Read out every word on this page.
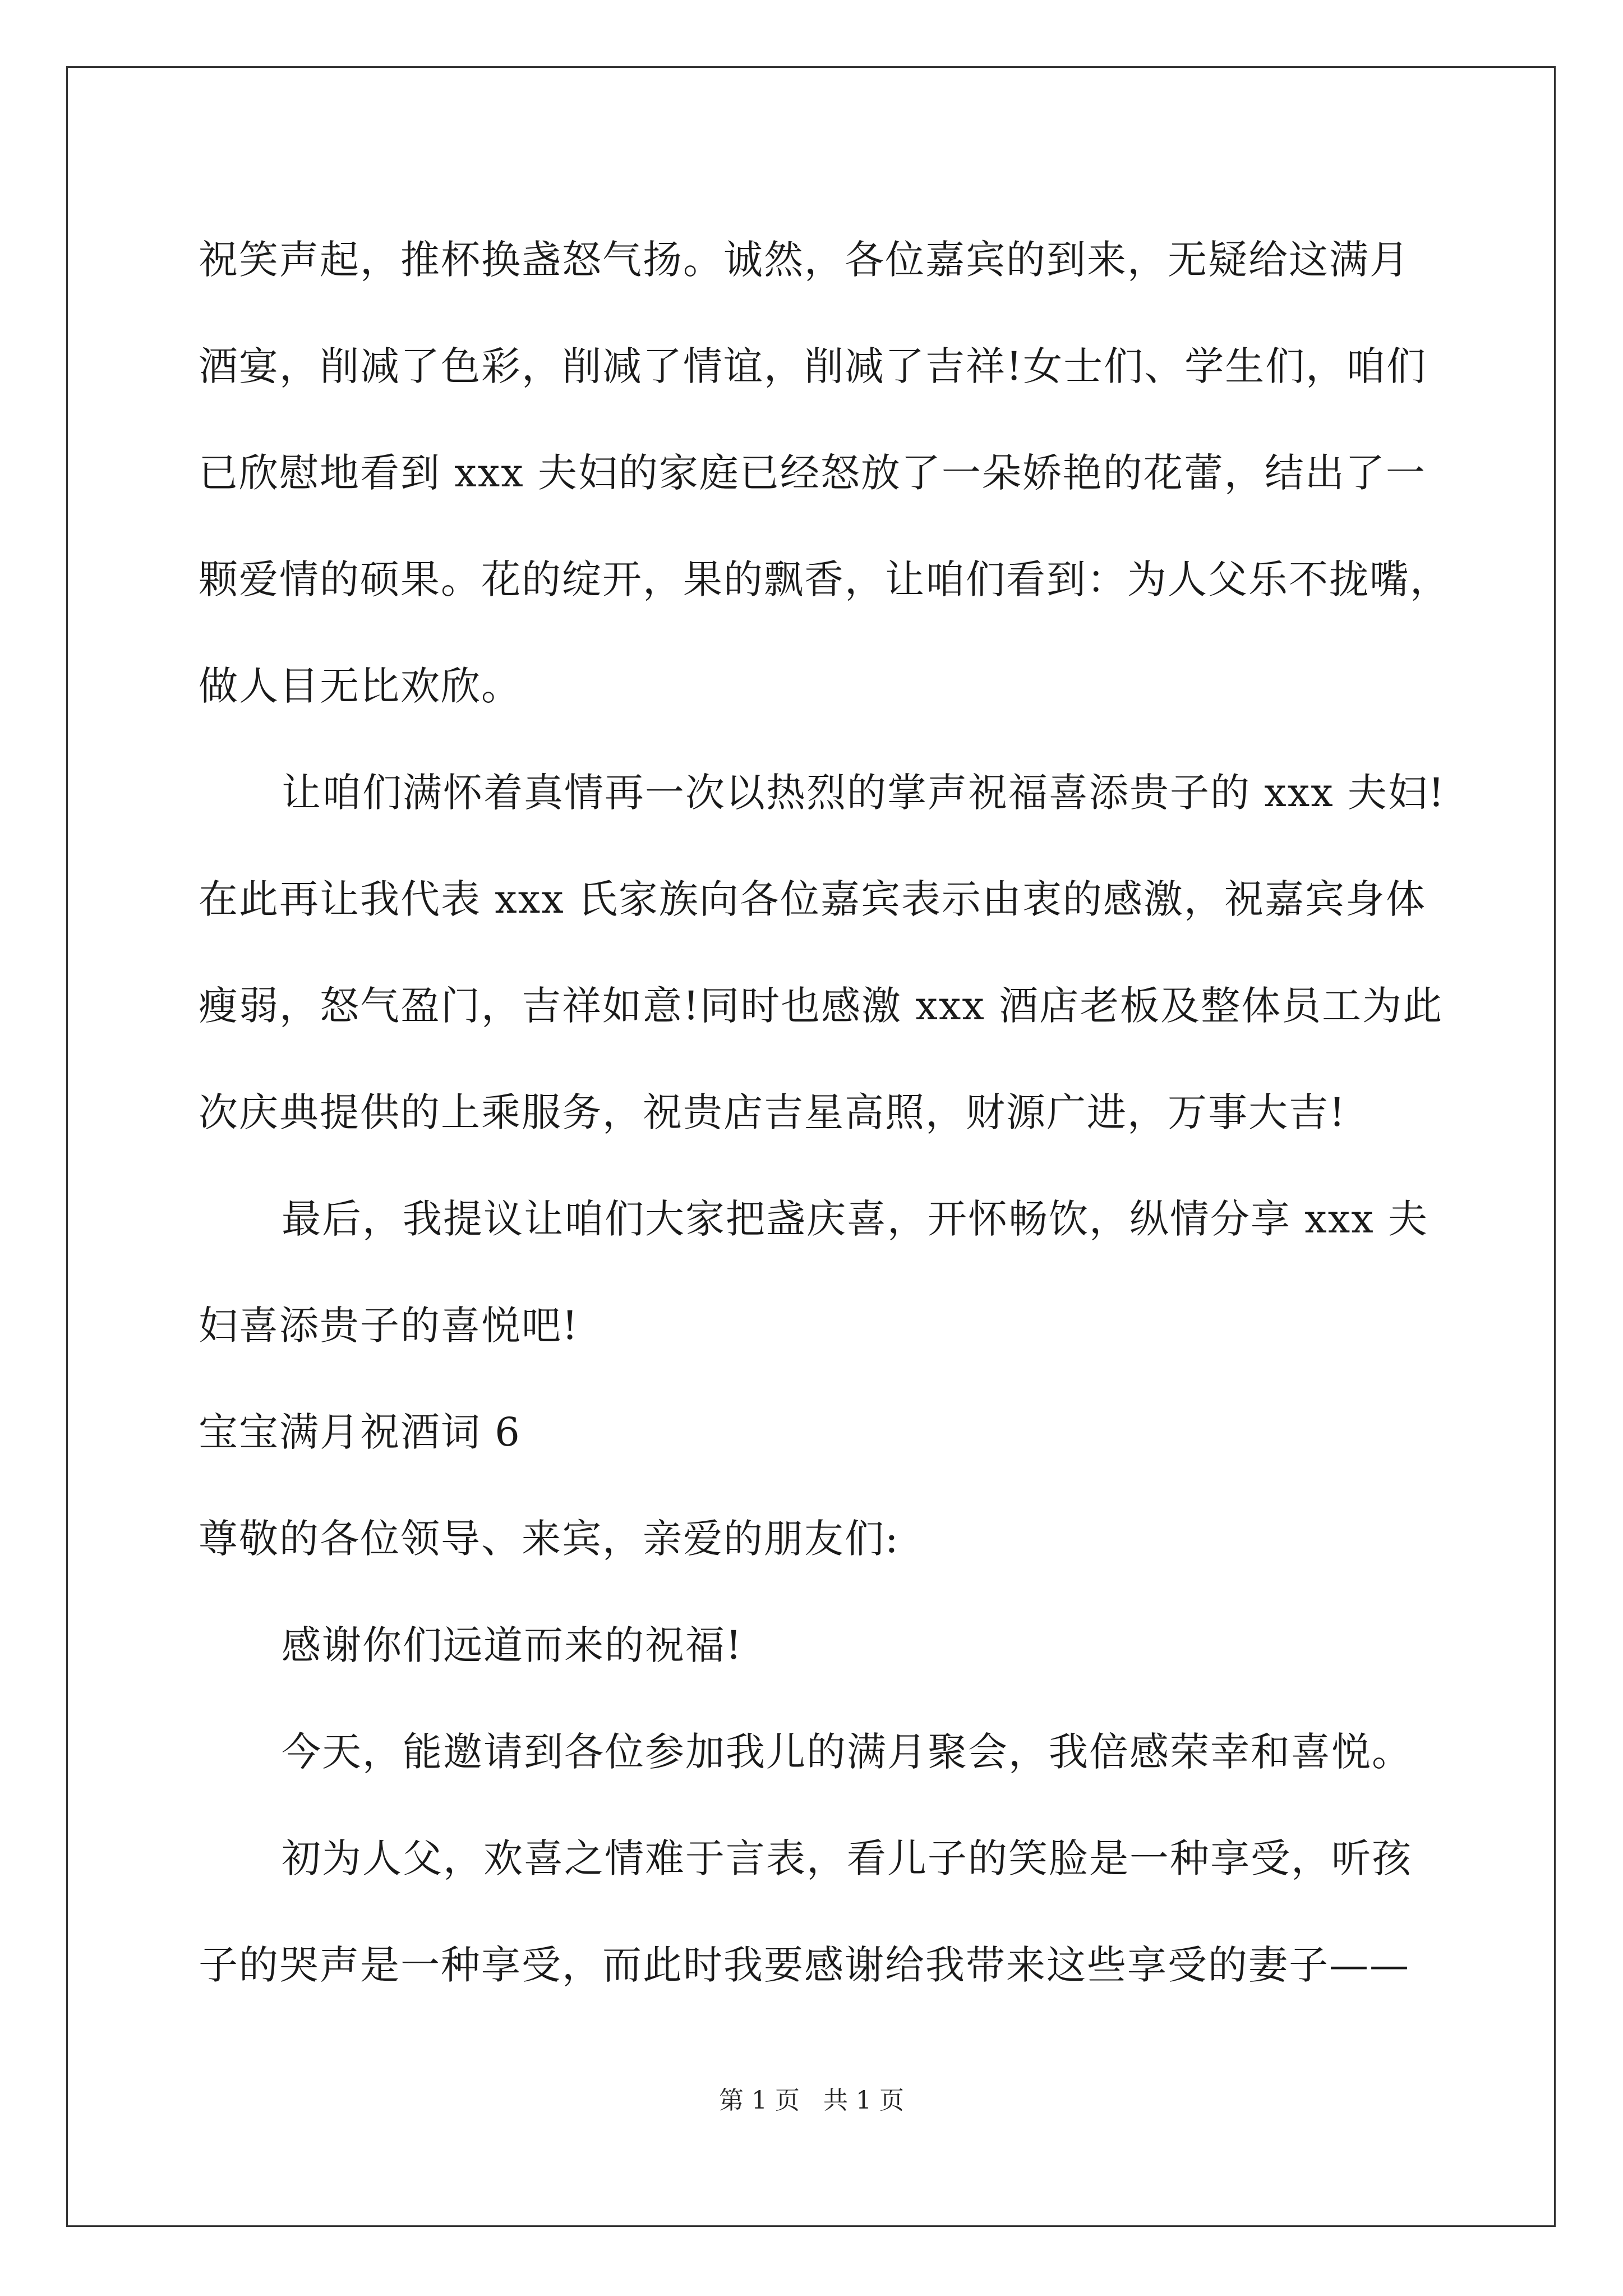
祝笑声起，推杯换盏怒气扬。诚然，各位嘉宾的到来，无疑给这满月
酒宴，削减了色彩，削减了情谊，削减了吉祥!女士们、学生们，咱们
已欣慰地看到 xxx 夫妇的家庭已经怒放了一朵娇艳的花蕾，结出了一
颗爱情的硕果。花的绽开，果的飘香，让咱们看到：为人父乐不拢嘴，
做人目无比欢欣。
让咱们满怀着真情再一次以热烈的掌声祝福喜添贵子的 xxx 夫妇!
在此再让我代表 xxx 氏家族向各位嘉宾表示由衷的感激，祝嘉宾身体
瘦弱，怒气盈门，吉祥如意!同时也感激 xxx 酒店老板及整体员工为此
次庆典提供的上乘服务，祝贵店吉星高照，财源广进，万事大吉!
最后，我提议让咱们大家把盏庆喜，开怀畅饮，纵情分享 xxx 夫
妇喜添贵子的喜悦吧!
宝宝满月祝酒词 6
尊敬的各位领导、来宾，亲爱的朋友们:
感谢你们远道而来的祝福!
今天，能邀请到各位参加我儿的满月聚会，我倍感荣幸和喜悦。
初为人父，欢喜之情难于言表，看儿子的笑脸是一种享受，听孩
子的哭声是一种享受，而此时我要感谢给我带来这些享受的妻子——
第 1 页   共 1 页
